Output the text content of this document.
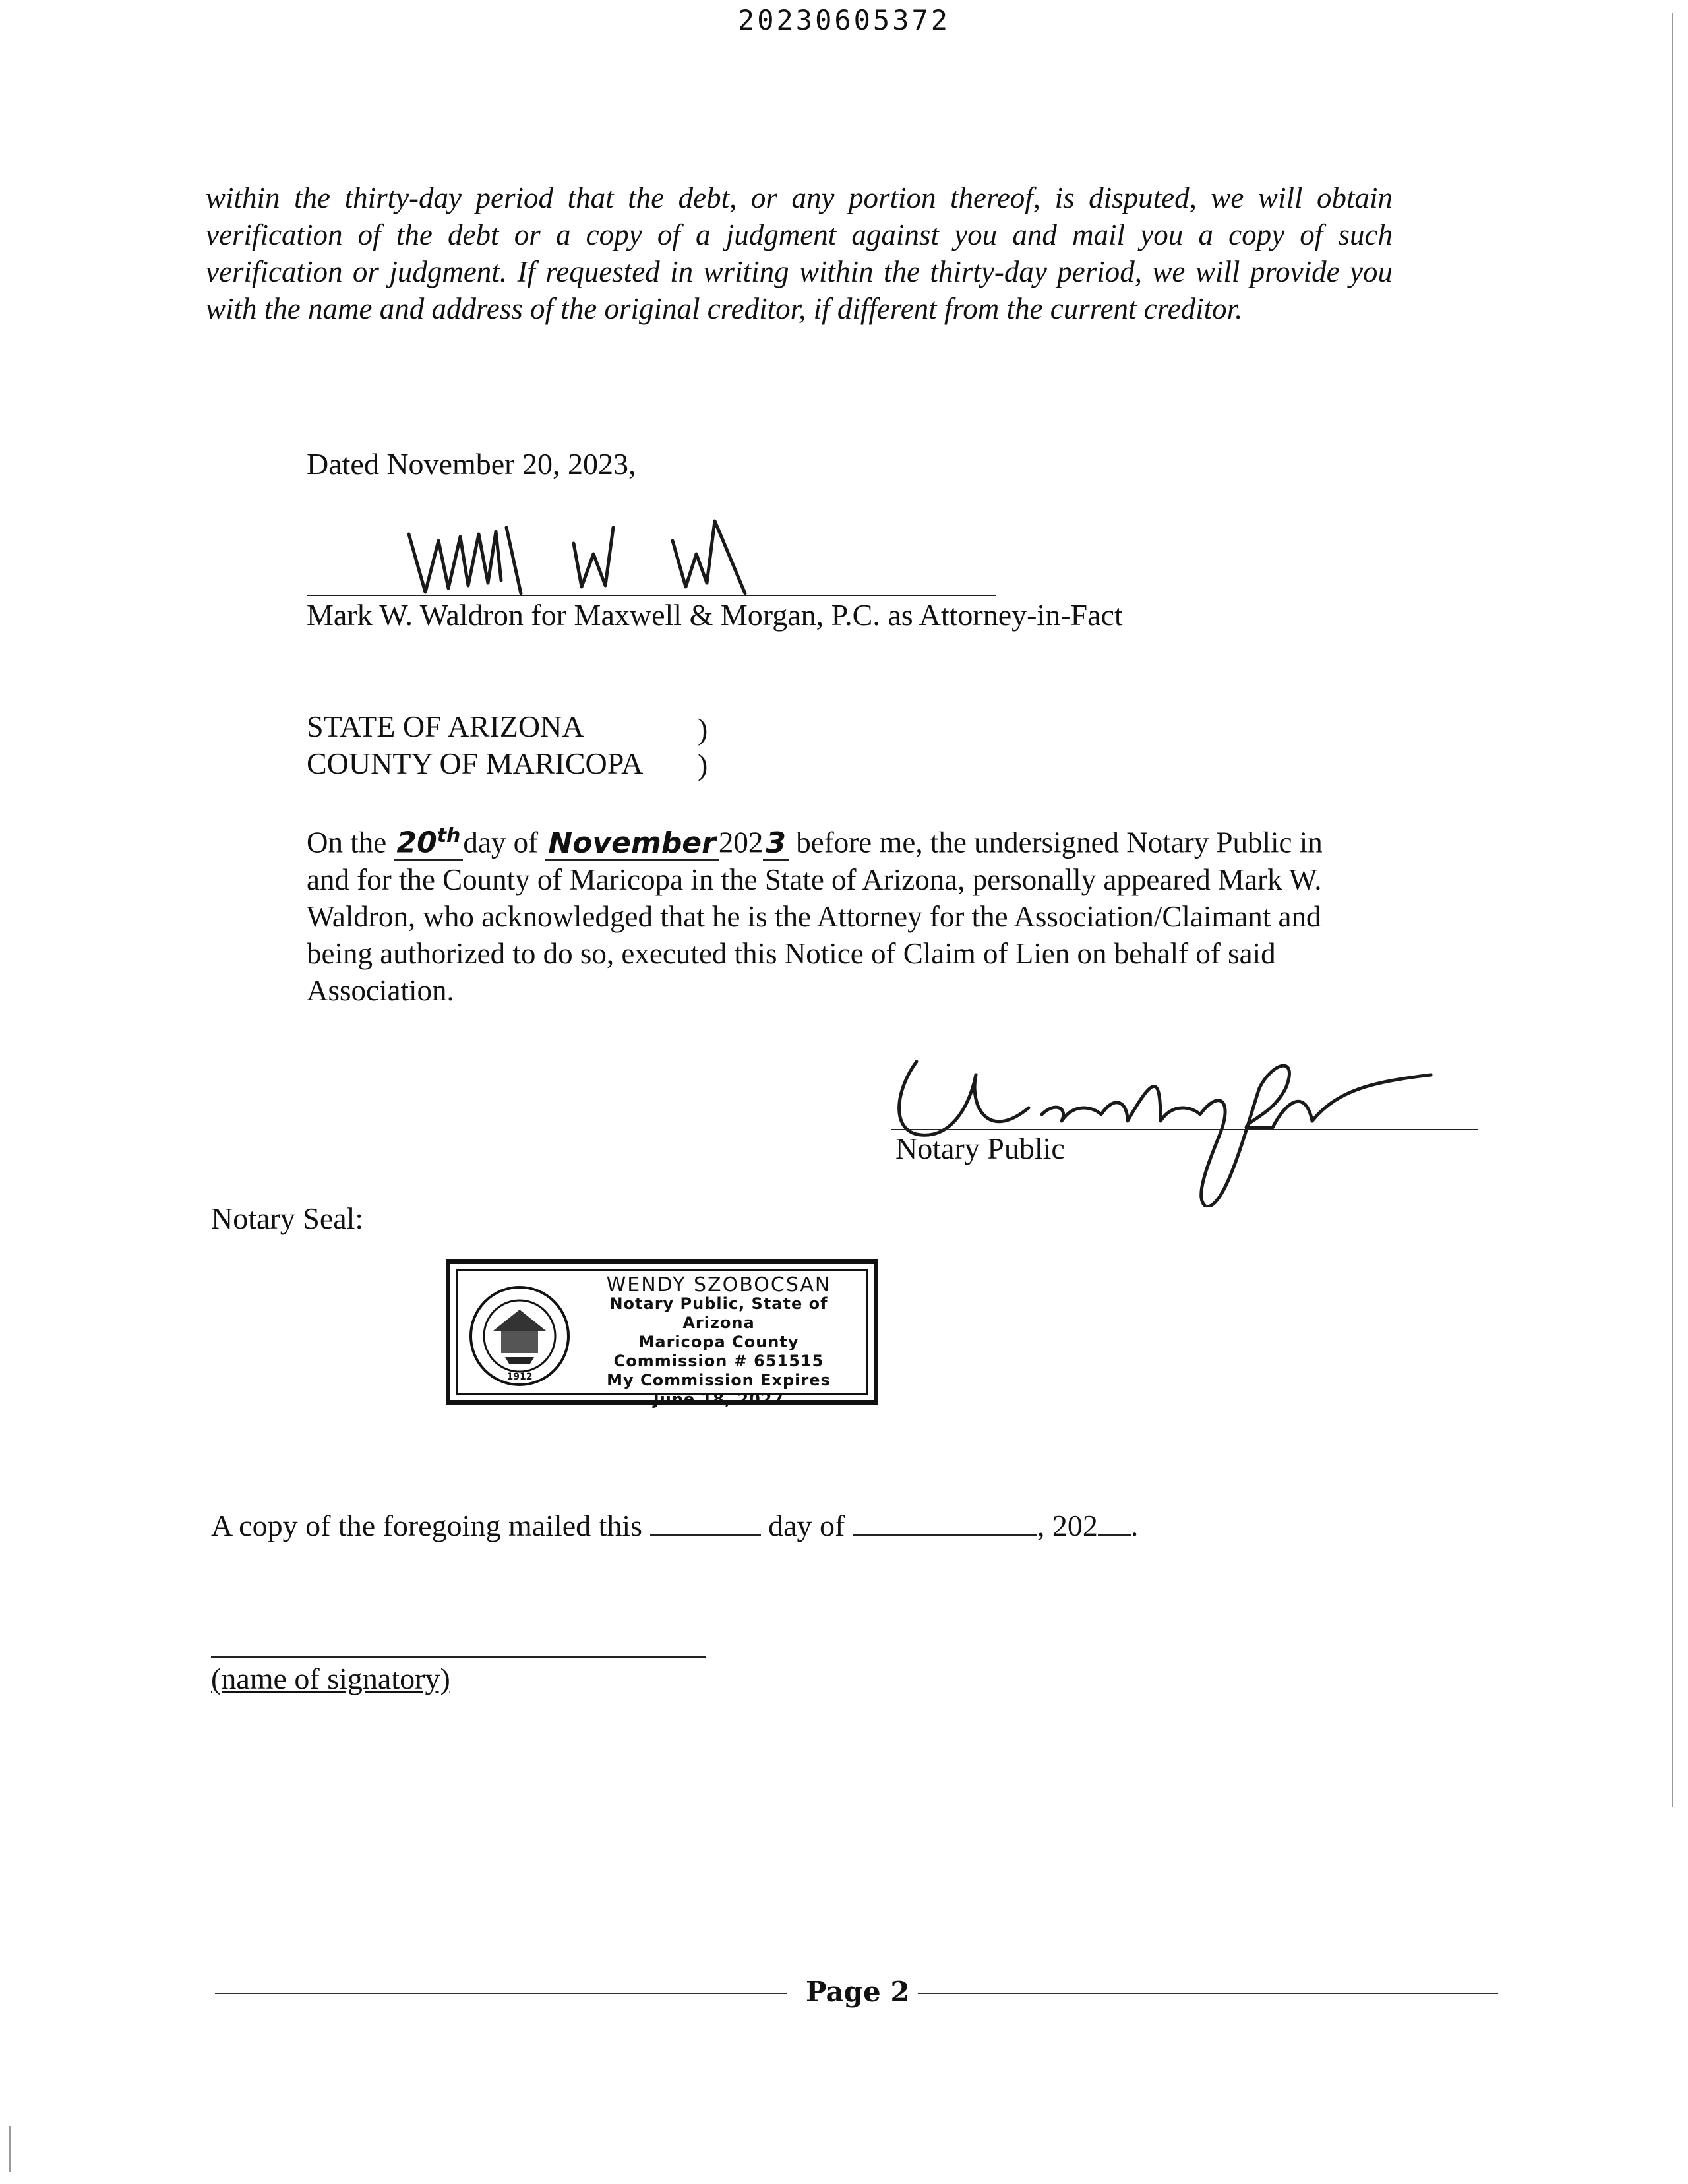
20230605372
within the thirty-day period that the debt, or any portion thereof, is disputed, we will obtain verification of the debt or a copy of a judgment against you and mail you a copy of such verification or judgment. If requested in writing within the thirty-day period, we will provide you with the name and address of the original creditor, if different from the current creditor.
Dated November 20, 2023,
Mark W. Waldron for Maxwell & Morgan, P.C. as Attorney-in-Fact
STATE OF ARIZONA	)
COUNTY OF MARICOPA )
On the 20thday of November2023 before me, the undersigned Notary Public in and for the County of Maricopa in the State of Arizona, personally appeared Mark W. Waldron, who acknowledged that he is the Attorney for the Association/Claimant and being authorized to do so, executed this Notice of Claim of Lien on behalf of said Association.
Notary Public
Notary Seal:
1912
WENDY SZOBOCSAN
Notary Public, State of Arizona
Maricopa County
Commission # 651515
My Commission Expires
June 18, 2027
A copy of the foregoing mailed this	day of	, 202 .
(name of signatory)
Page 2
